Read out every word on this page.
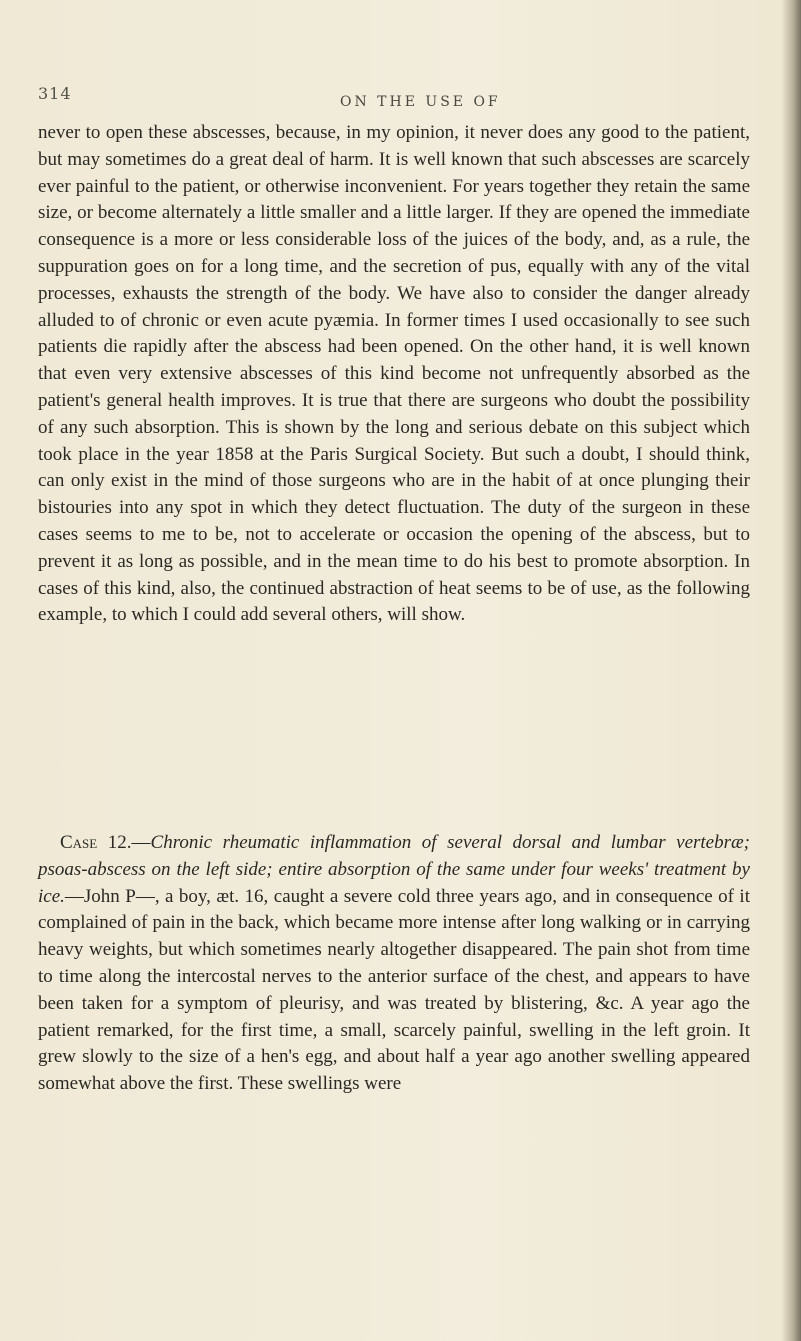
314	ON THE USE OF

never to open these abscesses, because, in my opinion, it never does any good to the patient, but may sometimes do a great deal of harm. It is well known that such abscesses are scarcely ever painful to the patient, or otherwise inconvenient. For years together they retain the same size, or become alternately a little smaller and a little larger. If they are opened the immediate consequence is a more or less considerable loss of the juices of the body, and, as a rule, the suppuration goes on for a long time, and the secretion of pus, equally with any of the vital processes, exhausts the strength of the body. We have also to consider the danger already alluded to of chronic or even acute pyæmia. In former times I used occasionally to see such patients die rapidly after the abscess had been opened. On the other hand, it is well known that even very extensive abscesses of this kind become not unfrequently absorbed as the patient's general health improves. It is true that there are surgeons who doubt the possibility of any such absorption. This is shown by the long and serious debate on this subject which took place in the year 1858 at the Paris Surgical Society. But such a doubt, I should think, can only exist in the mind of those surgeons who are in the habit of at once plunging their bistouries into any spot in which they detect fluctuation. The duty of the surgeon in these cases seems to me to be, not to accelerate or occasion the opening of the abscess, but to prevent it as long as possible, and in the mean time to do his best to promote absorption. In cases of this kind, also, the continued abstraction of heat seems to be of use, as the following example, to which I could add several others, will show.

Case 12.—Chronic rheumatic inflammation of several dorsal and lumbar vertebræ; psoas-abscess on the left side; entire absorption of the same under four weeks' treatment by ice.—John P—, a boy, æt. 16, caught a severe cold three years ago, and in consequence of it complained of pain in the back, which became more intense after long walking or in carrying heavy weights, but which sometimes nearly altogether disappeared. The pain shot from time to time along the intercostal nerves to the anterior surface of the chest, and appears to have been taken for a symptom of pleurisy, and was treated by blistering, &c. A year ago the patient remarked, for the first time, a small, scarcely painful, swelling in the left groin. It grew slowly to the size of a hen's egg, and about half a year ago another swelling appeared somewhat above the first. These swellings were
